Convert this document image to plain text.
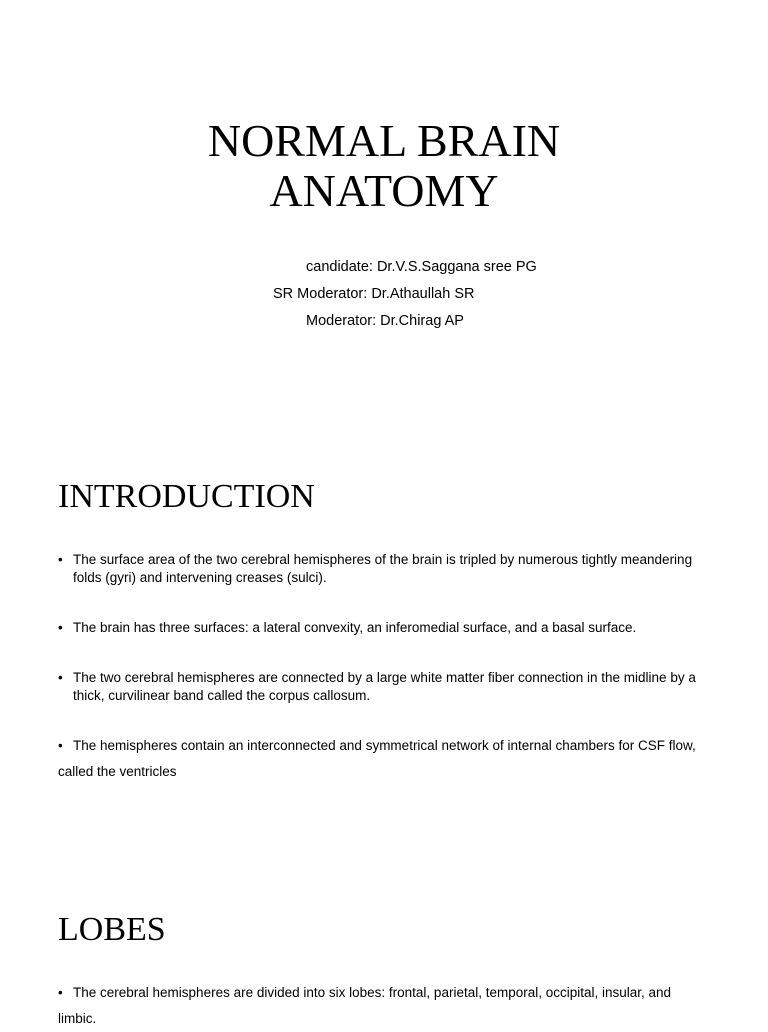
NORMAL BRAIN
ANATOMY
candidate: Dr.V.S.Saggana sree PG
SR Moderator: Dr.Athaullah SR
Moderator: Dr.Chirag AP
INTRODUCTION
• The surface area of the two cerebral hemispheres of the brain is tripled by numerous tightly meandering folds (gyri) and intervening creases (sulci).
• The brain has three surfaces: a lateral convexity, an inferomedial surface, and a basal surface.
• The two cerebral hemispheres are connected by a large white matter fiber connection in the midline by a thick, curvilinear band called the corpus callosum.
• The hemispheres contain an interconnected and symmetrical network of internal chambers for CSF flow, called the ventricles
LOBES
• The cerebral hemispheres are divided into six lobes: frontal, parietal, temporal, occipital, insular, and limbic.
